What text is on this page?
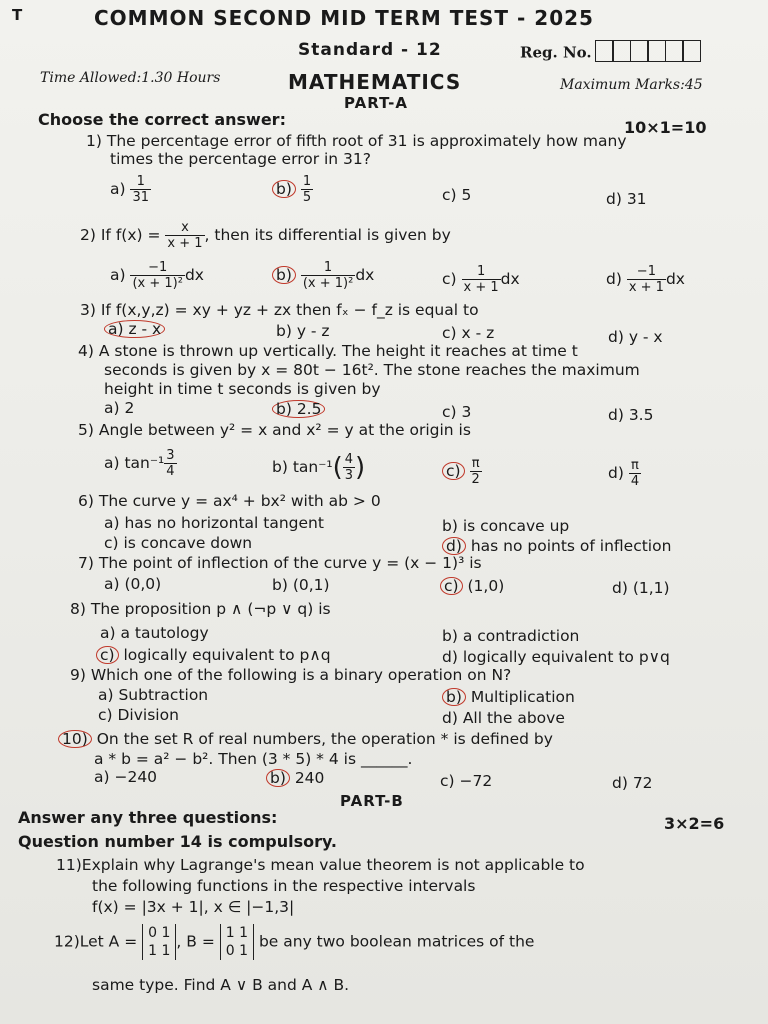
T	COMMON SECOND MID TERM TEST - 2025
Standard - 12	Reg. No.
Time Allowed:1.30 Hours	MATHEMATICS	Maximum Marks:45
PART-A
Choose the correct answer:	10×1=10
1) The percentage error of fifth root of 31 is approximately how many
times the percentage error in 31?
$a) \frac{1}{31}$	$b) \frac{1}{5}$	c) 5	d) 31
2) If $f(x) = \frac{x}{x + 1}$ , then its differential is given by
$a) \frac{-1}{\text{(x + 1)²}}$ dx	$b) \frac{1}{\text{(x + 1)²}}$ dx	$c) \frac{1}{x + 1}$ dx	$d) \frac{-1}{x + 1}$ dx
3) If f(x,y,z) = xy + yz + zx then fₓ − f_z is equal to
a) z - x	b) y - z	c) x - z	d) y - x
4) A stone is thrown up vertically. The height it reaches at time t
seconds is given by x = 80t − 16t². The stone reaches the maximum
height in time t seconds is given by
a) 2	b) 2.5	c) 3	d) 3.5
5) Angle between y² = x and x² = y at the origin is
a) $\tan^{-1} \frac{3}{4}$	b) $\tan^{-1}( \frac{4}{3}$ )	$c) \frac{\pi}{2}$	$d) \frac{\pi}{4}$
6) The curve y = ax⁴ + bx² with ab > 0
a) has no horizontal tangent	b) is concave up
c) is concave down	d) has no points of inflection
7) The point of inflection of the curve y = (x − 1)³ is
a) (0,0)	b) (0,1)	c) (1,0)	d) (1,1)
8) The proposition p ∧ (¬p ∨ q) is
a) a tautology	b) a contradiction
c) logically equivalent to p∧q	d) logically equivalent to p∨q
9) Which one of the following is a binary operation on N?
a) Subtraction	b) Multiplication
c) Division	d) All the above
10) On the set R of real numbers, the operation * is defined by
a * b = a² − b². Then (3 * 5) * 4 is ______.
a) −240	b) 240	c) −72	d) 72
PART-B
Answer any three questions:	3×2=6
Question number 14 is compulsory.
11)Explain why Lagrange's mean value theorem is not applicable to
the following functions in the respective intervals
f(x) = |3x + 1|, x ∈ |−1,3|
12)Let A = 0 1
1 1
, B = 1 1
0 1
be any two boolean matrices of the
same type. Find A ∨ B and A ∧ B.
